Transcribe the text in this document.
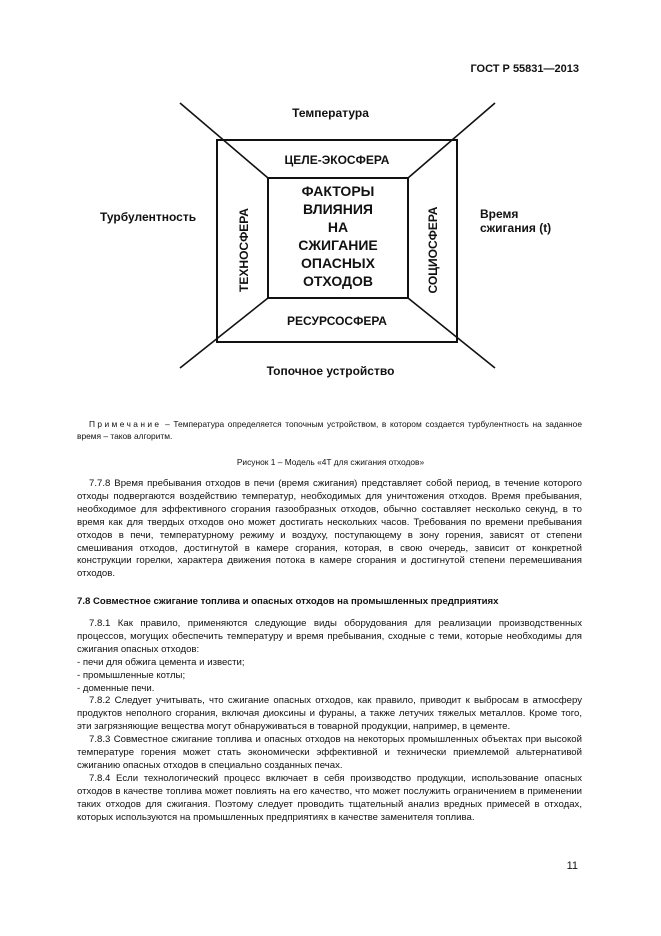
ГОСТ Р 55831—2013
Температура
Топочное устройство
Турбулентность	Время
сжигания (t)
ЦЕЛЕ-ЭКОСФЕРА
РЕСУРСОСФЕРА
ТЕХНОСФЕРА	СОЦИОСФЕРА
ФАКТОРЫ
ВЛИЯНИЯ
НА
СЖИГАНИЕ
ОПАСНЫХ
ОТХОДОВ

Примечание – Температура определяется топочным устройством, в котором создается турбулентность на заданное время – таков алгоритм.

Рисунок 1 – Модель «4T для сжигания отходов»

7.7.8 Время пребывания отходов в печи (время сжигания) представляет собой период, в течение которого отходы подвергаются воздействию температур, необходимых для уничтожения отходов. Время пребывания, необходимое для эффективного сгорания газообразных отходов, обычно составляет несколько секунд, в то время как для твердых отходов оно может достигать нескольких часов. Требования по времени пребывания отходов в печи, температурному режиму и воздуху, поступающему в зону горения, зависят от степени смешивания отходов, достигнутой в камере сгорания, которая, в свою очередь, зависит от конкретной конструкции горелки, характера движения потока в камере сгорания и достигнутой степени перемешивания отходов.

7.8 Совместное сжигание топлива и опасных отходов на промышленных предприятиях

7.8.1 Как правило, применяются следующие виды оборудования для реализации производственных процессов, могущих обеспечить температуру и время пребывания, сходные с теми, которые необходимы для сжигания опасных отходов:

- печи для обжига цемента и извести;

- промышленные котлы;

- доменные печи.

7.8.2 Следует учитывать, что сжигание опасных отходов, как правило, приводит к выбросам в атмосферу продуктов неполного сгорания, включая диоксины и фураны, а также летучих тяжелых металлов. Кроме того, эти загрязняющие вещества могут обнаруживаться в товарной продукции, например, в цементе.

7.8.3 Совместное сжигание топлива и опасных отходов на некоторых промышленных объектах при высокой температуре горения может стать экономически эффективной и технически приемлемой альтернативой сжиганию опасных отходов в специально созданных печах.

7.8.4 Если технологический процесс включает в себя производство продукции, использование опасных отходов в качестве топлива может повлиять на его качество, что может послужить ограничением в применении таких отходов для сжигания. Поэтому следует проводить тщательный анализ вредных примесей в отходах, которых используются на промышленных предприятиях в качестве заменителя топлива.

11
